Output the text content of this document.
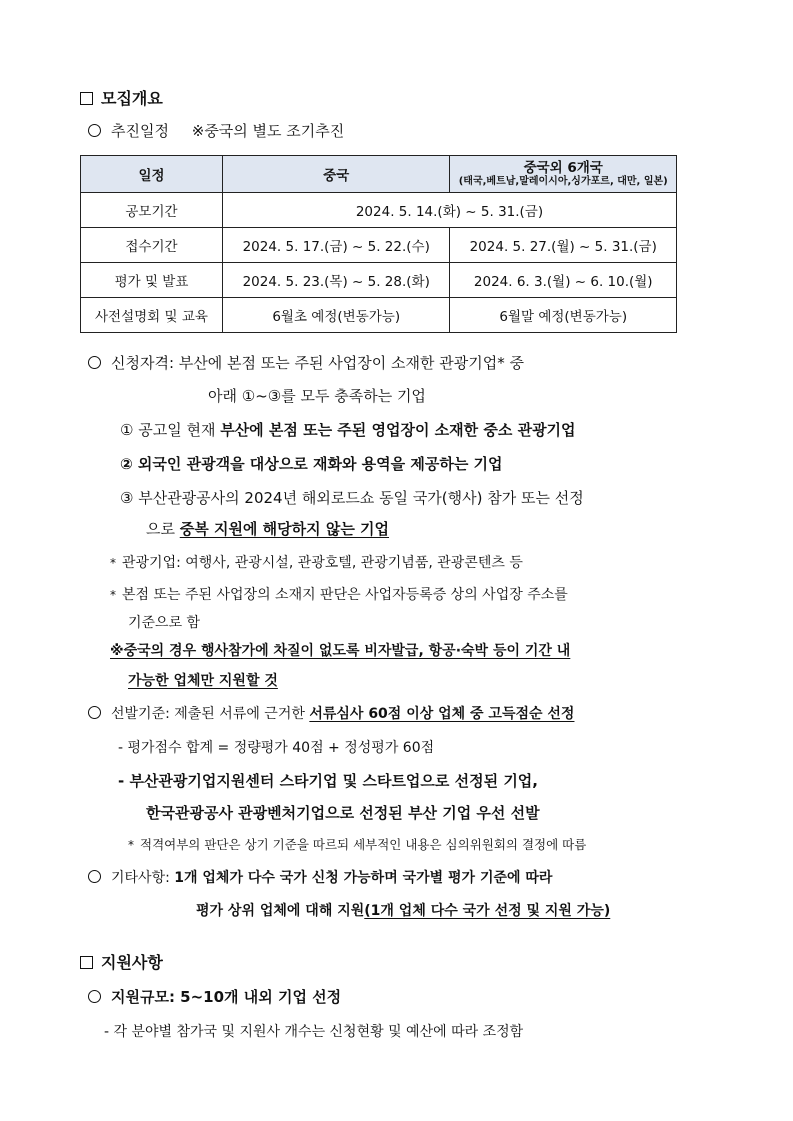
모집개요
추진일정 ※중국의 별도 조기추진
일정	중국	중국외 6개국
(태국,베트남,말레이시아,싱가포르, 대만, 일본)

공모기간	2024. 5. 14.(화) ~ 5. 31.(금)	
접수기간	2024. 5. 17.(금) ~ 5. 22.(수)	2024. 5. 27.(월) ~ 5. 31.(금)
평가 및 발표	2024. 5. 23.(목) ~ 5. 28.(화)	2024. 6. 3.(월) ~ 6. 10.(월)
사전설명회 및 교육	6월초 예정(변동가능)	6월말 예정(변동가능)
신청자격: 부산에 본점 또는 주된 사업장이 소재한 관광기업* 중
아래 ①~③를 모두 충족하는 기업
① 공고일 현재 부산에 본점 또는 주된 영업장이 소재한 중소 관광기업
② 외국인 관광객을 대상으로 재화와 용역을 제공하는 기업
③ 부산관광공사의 2024년 해외로드쇼 동일 국가(행사) 참가 또는 선정
으로 중복 지원에 해당하지 않는 기업
* 관광기업: 여행사, 관광시설, 관광호텔, 관광기념품, 관광콘텐츠 등
* 본점 또는 주된 사업장의 소재지 판단은 사업자등록증 상의 사업장 주소를
기준으로 함
※중국의 경우 행사참가에 차질이 없도록 비자발급, 항공·숙박 등이 기간 내
가능한 업체만 지원할 것
선발기준: 제출된 서류에 근거한 서류심사 60점 이상 업체 중 고득점순 선정
- 평가점수 합계 = 정량평가 40점 + 정성평가 60점
- 부산관광기업지원센터 스타기업 및 스타트업으로 선정된 기업,
한국관광공사 관광벤처기업으로 선정된 부산 기업 우선 선발
* 적격여부의 판단은 상기 기준을 따르되 세부적인 내용은 심의위원회의 결정에 따름
기타사항: 1개 업체가 다수 국가 신청 가능하며 국가별 평가 기준에 따라
평가 상위 업체에 대해 지원(1개 업체 다수 국가 선정 및 지원 가능)
지원사항
지원규모: 5~10개 내외 기업 선정
- 각 분야별 참가국 및 지원사 개수는 신청현황 및 예산에 따라 조정함
